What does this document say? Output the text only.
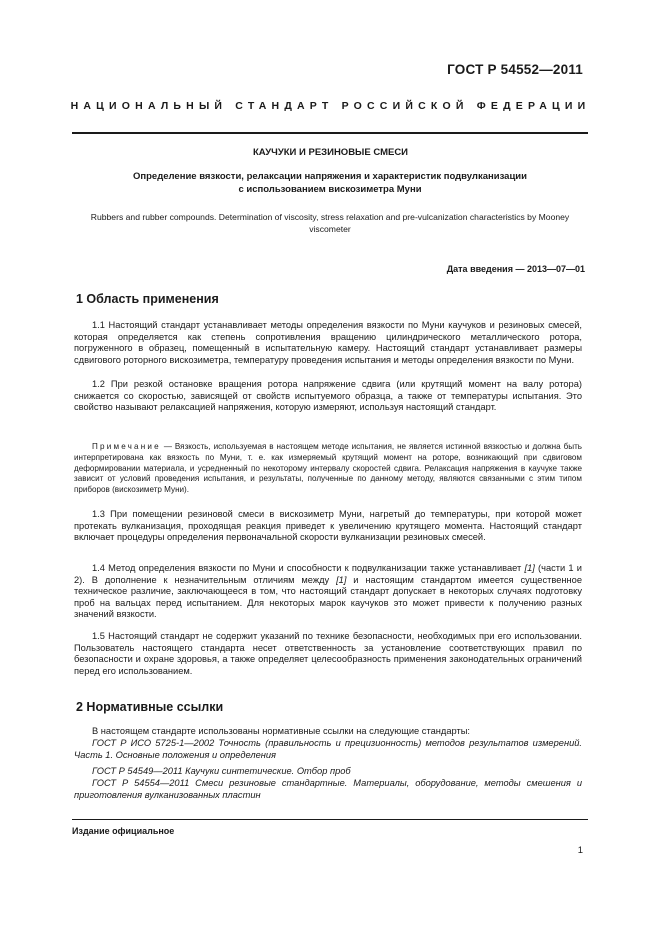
ГОСТ Р 54552—2011
НАЦИОНАЛЬНЫЙ СТАНДАРТ РОССИЙСКОЙ ФЕДЕРАЦИИ
КАУЧУКИ И РЕЗИНОВЫЕ СМЕСИ
Определение вязкости, релаксации напряжения и характеристик подвулканизации
с использованием вискозиметра Муни
Rubbers and rubber compounds. Determination of viscosity, stress relaxation and pre-vulcanization characteristics by Mooney viscometer
Дата введения — 2013—07—01
1 Область применения
1.1 Настоящий стандарт устанавливает методы определения вязкости по Муни каучуков и резиновых смесей, которая определяется как степень сопротивления вращению цилиндрического металлического ротора, погруженного в образец, помещенный в испытательную камеру. Настоящий стандарт устанавливает размеры сдвигового роторного вискозиметра, температуру проведения испытания и методы определения вязкости по Муни.
1.2 При резкой остановке вращения ротора напряжение сдвига (или крутящий момент на валу ротора) снижается со скоростью, зависящей от свойств испытуемого образца, а также от температуры испытания. Это свойство называют релаксацией напряжения, которую измеряют, используя настоящий стандарт.
Примечание — Вязкость, используемая в настоящем методе испытания, не является истинной вязкостью и должна быть интерпретирована как вязкость по Муни, т. е. как измеряемый крутящий момент на роторе, возникающий при сдвиговом деформировании материала, и усредненный по некоторому интервалу скоростей сдвига. Релаксация напряжения в каучуке также зависит от условий проведения испытания, и результаты, полученные по данному методу, являются связанными с этим типом приборов (вискозиметр Муни).
1.3 При помещении резиновой смеси в вискозиметр Муни, нагретый до температуры, при которой может протекать вулканизация, проходящая реакция приведет к увеличению крутящего момента. Настоящий стандарт включает процедуры определения первоначальной скорости вулканизации резиновых смесей.
1.4 Метод определения вязкости по Муни и способности к подвулканизации также устанавливает [1] (части 1 и 2). В дополнение к незначительным отличиям между [1] и настоящим стандартом имеется существенное техническое различие, заключающееся в том, что настоящий стандарт допускает в некоторых случаях подготовку проб на вальцах перед испытанием. Для некоторых марок каучуков это может привести к получению разных значений вязкости.
1.5 Настоящий стандарт не содержит указаний по технике безопасности, необходимых при его использовании. Пользователь настоящего стандарта несет ответственность за установление соответствующих правил по безопасности и охране здоровья, а также определяет целесообразность применения законодательных ограничений перед его использованием.
2 Нормативные ссылки
В настоящем стандарте использованы нормативные ссылки на следующие стандарты:
ГОСТ Р ИСО 5725-1—2002 Точность (правильность и прецизионность) методов результатов измерений. Часть 1. Основные положения и определения
ГОСТ Р 54549—2011 Каучуки синтетические. Отбор проб
ГОСТ Р 54554—2011 Смеси резиновые стандартные. Материалы, оборудование, методы смешения и приготовления вулканизованных пластин
Издание официальное
1
